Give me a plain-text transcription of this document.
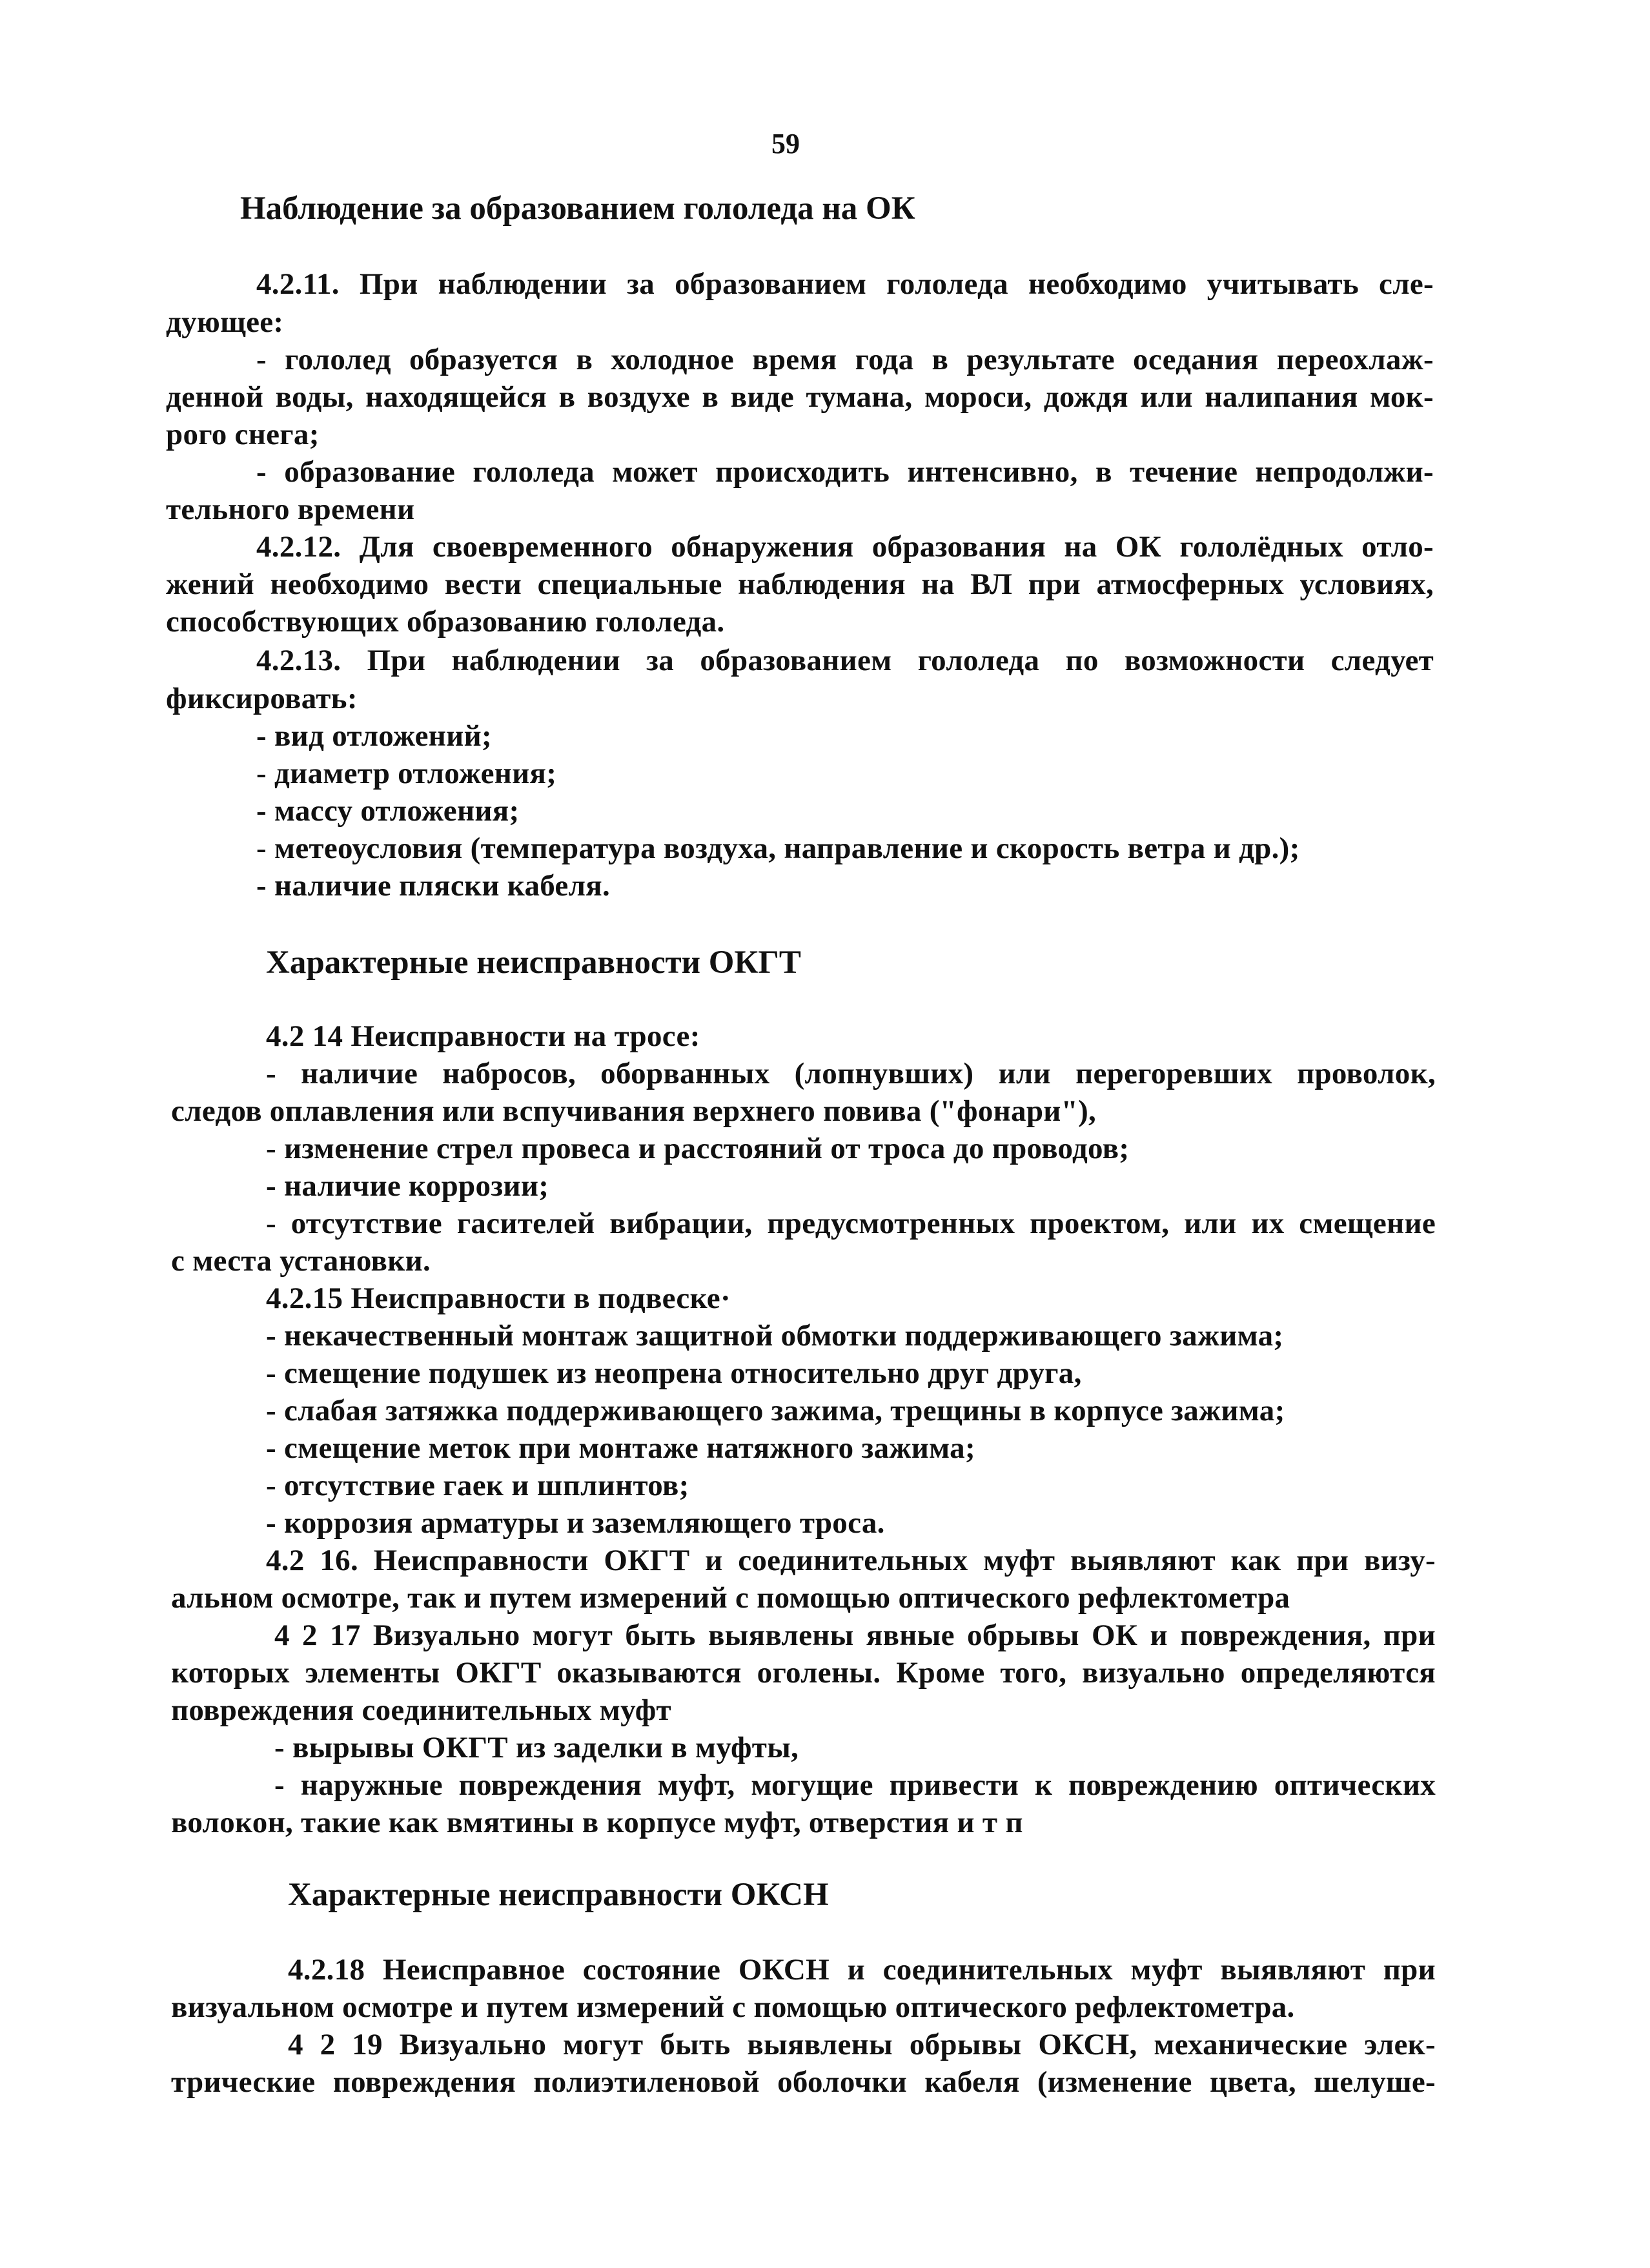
59
Наблюдение за образованием гололеда на ОК
4.2.11. При наблюдении за образованием гололеда необходимо учитывать сле-
дующее:
- гололед образуется в холодное время года в результате оседания переохлаж-
денной воды, находящейся в воздухе в виде тумана, мороси, дождя или налипания мок-
рого снега;
- образование гололеда может происходить интенсивно, в течение непродолжи-
тельного времени
4.2.12. Для своевременного обнаружения образования на ОК гололёдных отло-
жений необходимо вести специальные наблюдения на ВЛ при атмосферных условиях,
способствующих образованию гололеда.
4.2.13. При наблюдении за образованием гололеда по возможности следует
фиксировать:
- вид отложений;
- диаметр отложения;
- массу отложения;
- метеоусловия (температура воздуха, направление и скорость ветра и др.);
- наличие пляски кабеля.
Характерные неисправности ОКГТ
4.2 14 Неисправности на тросе:
- наличие набросов, оборванных (лопнувших) или перегоревших проволок,
следов оплавления или вспучивания верхнего повива ("фонари"),
- изменение стрел провеса и расстояний от троса до проводов;
- наличие коррозии;
- отсутствие гасителей вибрации, предусмотренных проектом, или их смещение
с места установки.
4.2.15 Неисправности в подвеске·
- некачественный монтаж защитной обмотки поддерживающего зажима;
- смещение подушек из неопрена относительно друг друга,
- слабая затяжка поддерживающего зажима, трещины в корпусе зажима;
- смещение меток при монтаже натяжного зажима;
- отсутствие гаек и шплинтов;
- коррозия арматуры и заземляющего троса.
4.2 16. Неисправности ОКГТ и соединительных муфт выявляют как при визу-
альном осмотре, так и путем измерений с помощью оптического рефлектометра
4 2 17 Визуально могут быть выявлены явные обрывы ОК и повреждения, при
которых элементы ОКГТ оказываются оголены. Кроме того, визуально определяются
повреждения соединительных муфт
- вырывы ОКГТ из заделки в муфты,
- наружные повреждения муфт, могущие привести к повреждению оптических
волокон, такие как вмятины в корпусе муфт, отверстия и т п
Характерные неисправности ОКСН
4.2.18 Неисправное состояние ОКСН и соединительных муфт выявляют при
визуальном осмотре и путем измерений с помощью оптического рефлектометра.
4 2 19 Визуально могут быть выявлены обрывы ОКСН, механические элек-
трические повреждения полиэтиленовой оболочки кабеля (изменение цвета, шелуше-
